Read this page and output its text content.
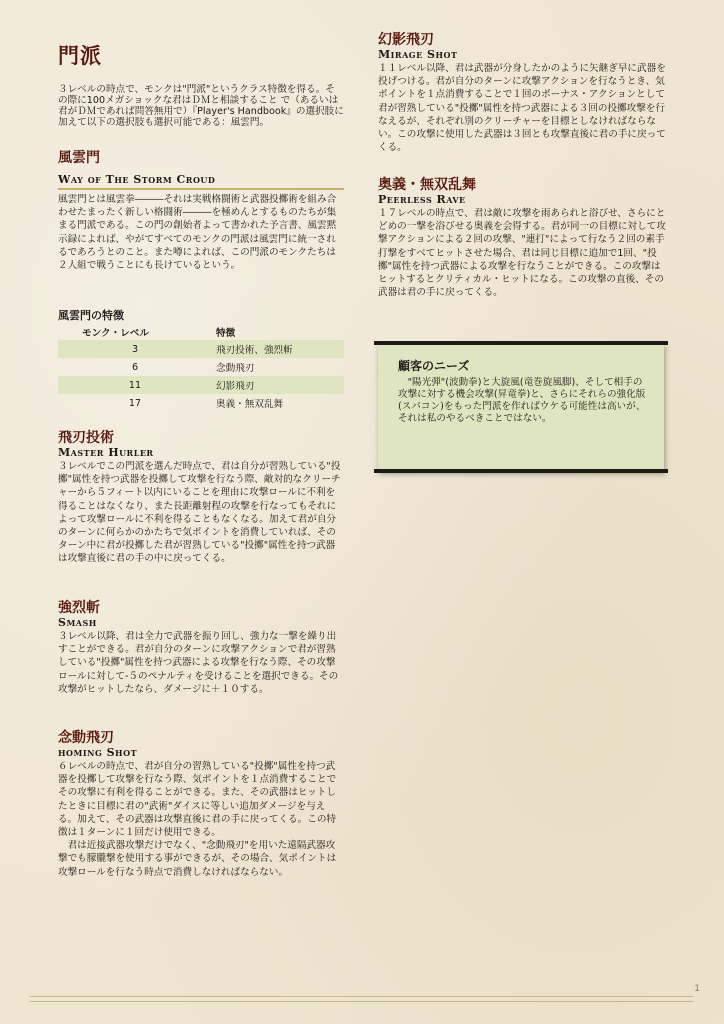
門派

３レベルの時点で、モンクは"門派"というクラス特徴を得る。その際に100メガショックな君はＤＭと相談すること で（あるいは君がＤＭであれば問答無用で）『Player's Handbook』の選択肢に加えて以下の選択肢も選択可能である：風雲門。

風雲門
Way of The Storm Croud

風雲門とは風雲拳―――それは実戦格闘術と武器投擲術を組み合わせたまったく新しい格闘術―――を極めんとするものたちが集まる門派である。この門の創始者よって書かれた予言書、風雲黙示録によれば、やがてすべてのモンクの門派は風雲門に統一されるであろうとのこと。また噂によれば、この門派のモンクたちは２人組で戦うことにも長けているという。

風雲門の特徴
モンク・レベル	特徴
3	飛刃投術、強烈斬
6	念動飛刃
11	幻影飛刃
17	奥義・無双乱舞
飛刃投術
Master Hurler

３レベルでこの門派を選んだ時点で、君は自分が習熟している"投擲"属性を持つ武器を投擲して攻撃を行なう際、敵対的なクリーチャーから５フィート以内にいることを理由に攻撃ロールに不利を得ることはなくなり、また長距離射程の攻撃を行なってもそれによって攻撃ロールに不利を得ることもなくなる。加えて君が自分のターンに何らかのかたちで気ポイントを消費していれば、そのターン中に君が投擲した君が習熟している"投擲"属性を持つ武器は攻撃直後に君の手の中に戻ってくる。

強烈斬
Smash

３レベル以降、君は全力で武器を振り回し、強力な一撃を繰り出すことができる。君が自分のターンに攻撃アクションで君が習熟している"投擲"属性を持つ武器による攻撃を行なう際、その攻撃ロールに対して-５のペナルティを受けることを選択できる。その攻撃がヒットしたなら、ダメージに＋１０する。

念動飛刃
homing Shot

６レベルの時点で、君が自分の習熟している"投擲"属性を持つ武器を投擲して攻撃を行なう際、気ポイントを１点消費することでその攻撃に有利を得ることができる。また、その武器はヒットしたときに目標に君の"武術"ダイスに等しい追加ダメージを与える。加えて、その武器は攻撃直後に君の手に戻ってくる。この特徴は１ターンに１回だけ使用できる。

君は近接武器攻撃だけでなく、"念動飛刃"を用いた遠隔武器攻撃でも朦朧撃を使用する事ができるが、その場合、気ポイントは攻撃ロールを行なう時点で消費しなければならない。

幻影飛刃
Mirage Shot

１１レベル以降、君は武器が分身したかのように矢継ぎ早に武器を投げつける。君が自分のターンに攻撃アクションを行なうとき、気ポイントを１点消費することで１回のボーナス・アクションとして君が習熟している"投擲"属性を持つ武器による３回の投擲攻撃を行なえるが、それぞれ別のクリーチャーを目標としなければならない。この攻撃に使用した武器は３回とも攻撃直後に君の手に戻ってくる。

奥義・無双乱舞
Peerless Rave

１７レベルの時点で、君は敵に攻撃を雨あられと浴びせ、さらにとどめの一撃を浴びせる奥義を会得する。君が同一の目標に対して攻撃アクションによる２回の攻撃、"連打"によって行なう２回の素手打撃をすべてヒットさせた場合、君は同じ目標に追加で1回、"投擲"属性を持つ武器による攻撃を行なうことができる。この攻撃はヒットするとクリティカル・ヒットになる。この攻撃の直後、その武器は君の手に戻ってくる。

顧客のニーズ

"陽光弾"(波動拳)と大旋風(竜巻旋風脚)、そして相手の攻撃に対する機会攻撃(昇竜拳)と、さらにそれらの強化版(スパコン)をもった門派を作ればウケる可能性は高いが、それは私のやるべきことではない。

1
